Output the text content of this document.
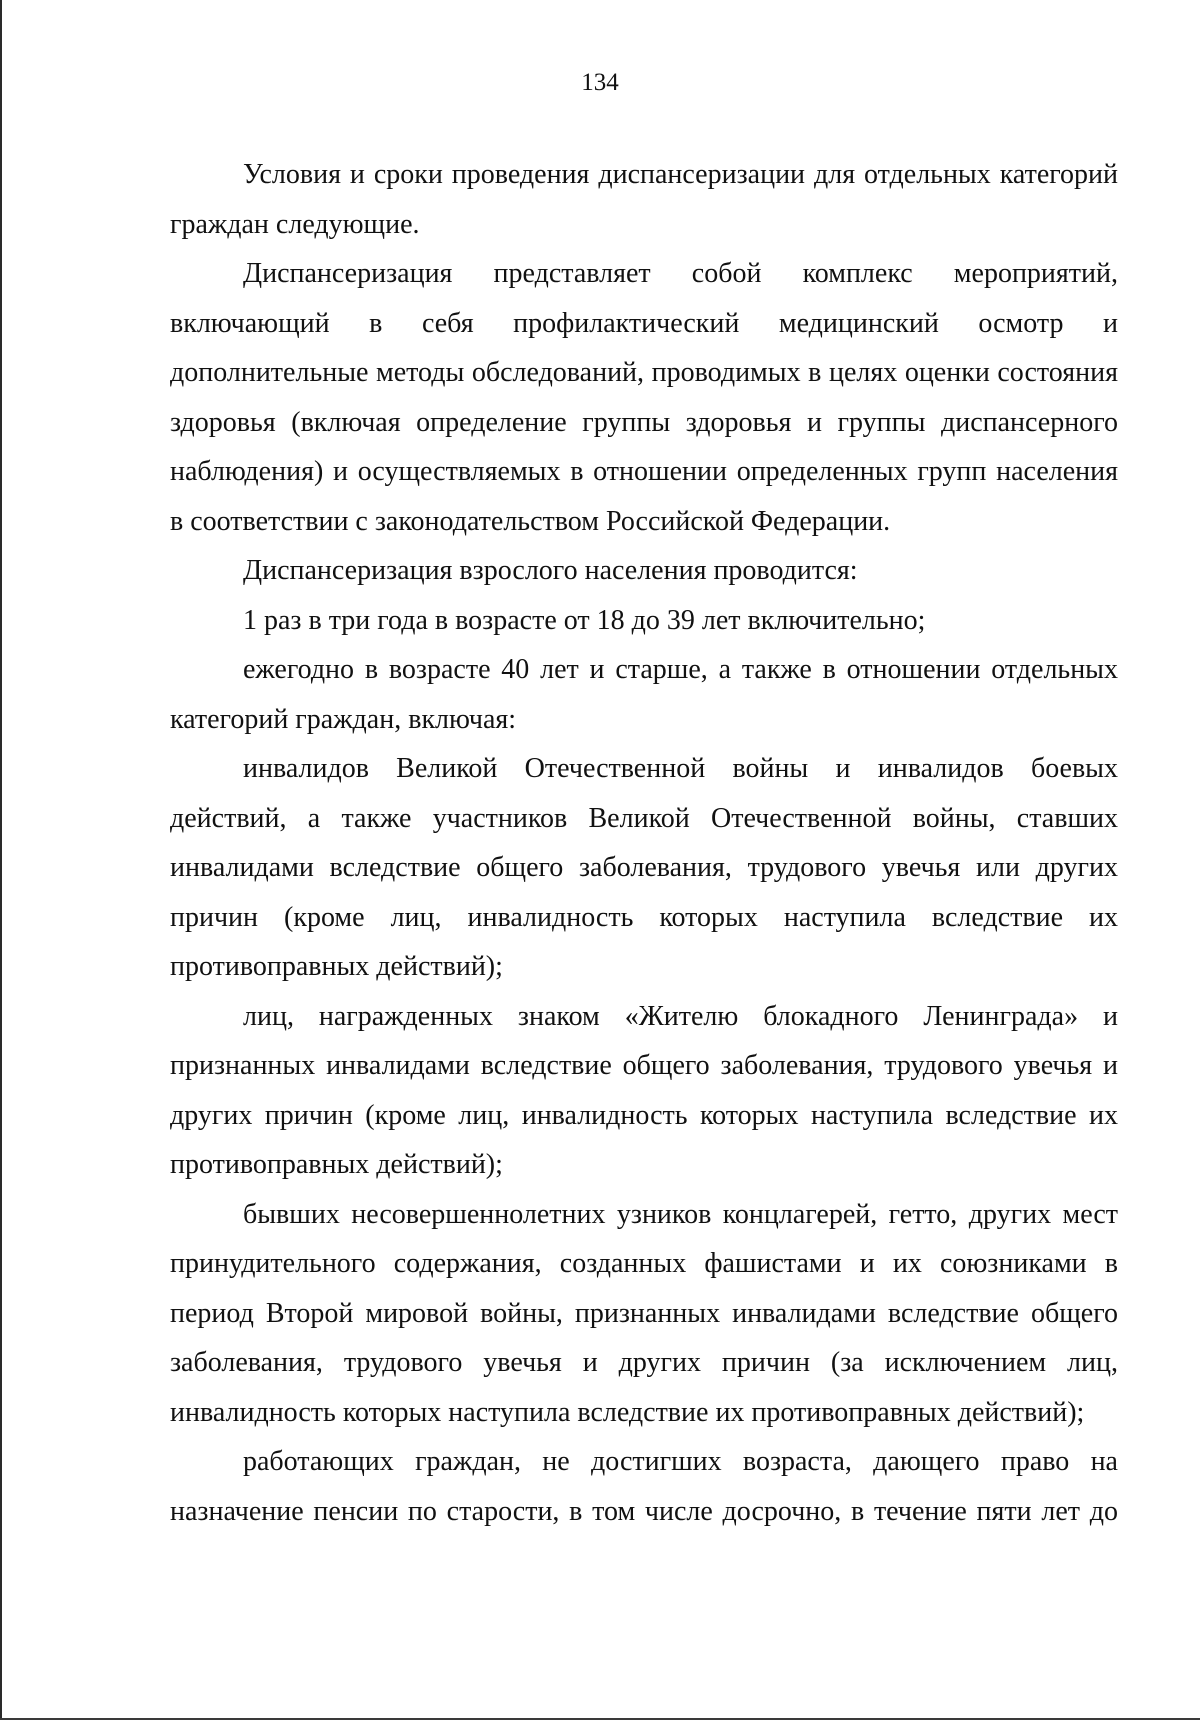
134

Условия и сроки проведения диспансеризации для отдельных категорий граждан следующие.

Диспансеризация представляет собой комплекс мероприятий, включающий в себя профилактический медицинский осмотр и дополнительные методы обследований, проводимых в целях оценки состояния здоровья (включая определение группы здоровья и группы диспансерного наблюдения) и осуществляемых в отношении определенных групп населения в соответствии с законодательством Российской Федерации.

Диспансеризация взрослого населения проводится:

1 раз в три года в возрасте от 18 до 39 лет включительно;

ежегодно в возрасте 40 лет и старше, а также в отношении отдельных категорий граждан, включая:

инвалидов Великой Отечественной войны и инвалидов боевых действий, а также участников Великой Отечественной войны, ставших инвалидами вследствие общего заболевания, трудового увечья или других причин (кроме лиц, инвалидность которых наступила вследствие их противоправных действий);

лиц, награжденных знаком «Жителю блокадного Ленинграда» и признанных инвалидами вследствие общего заболевания, трудового увечья и других причин (кроме лиц, инвалидность которых наступила вследствие их противоправных действий);

бывших несовершеннолетних узников концлагерей, гетто, других мест принудительного содержания, созданных фашистами и их союзниками в период Второй мировой войны, признанных инвалидами вследствие общего заболевания, трудового увечья и других причин (за исключением лиц, инвалидность которых наступила вследствие их противоправных действий);

работающих граждан, не достигших возраста, дающего право на назначение пенсии по старости, в том числе досрочно, в течение пяти лет до
